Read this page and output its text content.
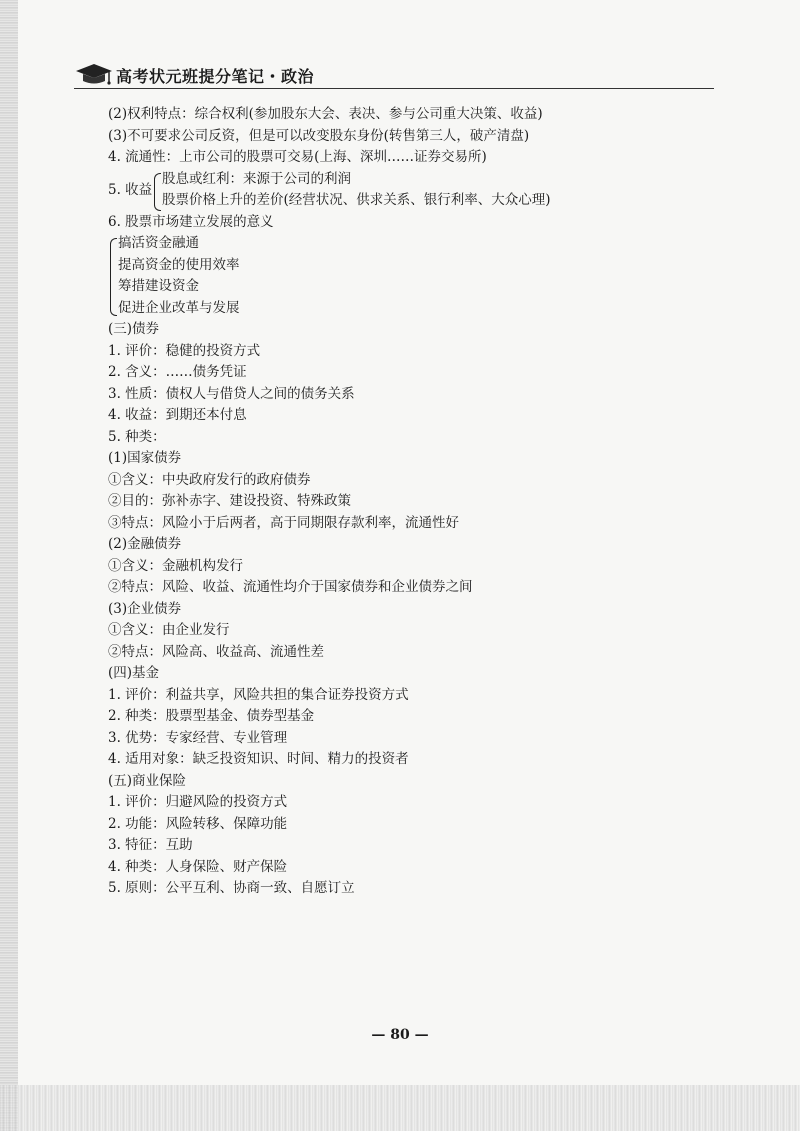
高考状元班提分笔记・政治
(2)权利特点：综合权利(参加股东大会、表决、参与公司重大决策、收益)
(3)不可要求公司反资，但是可以改变股东身份(转售第三人，破产清盘)
4. 流通性：上市公司的股票可交易(上海、深圳……证券交易所)
5. 收益
股息或红利：来源于公司的利润
股票价格上升的差价(经营状况、供求关系、银行利率、大众心理)
6. 股票市场建立发展的意义
搞活资金融通
提高资金的使用效率
筹措建设资金
促进企业改革与发展
(三)债券
1. 评价：稳健的投资方式
2. 含义：……债务凭证
3. 性质：债权人与借贷人之间的债务关系
4. 收益：到期还本付息
5. 种类：
(1)国家债券
①含义：中央政府发行的政府债券
②目的：弥补赤字、建设投资、特殊政策
③特点：风险小于后两者，高于同期限存款利率，流通性好
(2)金融债券
①含义：金融机构发行
②特点：风险、收益、流通性均介于国家债券和企业债券之间
(3)企业债券
①含义：由企业发行
②特点：风险高、收益高、流通性差
(四)基金
1. 评价：利益共享，风险共担的集合证券投资方式
2. 种类：股票型基金、债券型基金
3. 优势：专家经营、专业管理
4. 适用对象：缺乏投资知识、时间、精力的投资者
(五)商业保险
1. 评价：归避风险的投资方式
2. 功能：风险转移、保障功能
3. 特征：互助
4. 种类：人身保险、财产保险
5. 原则：公平互利、协商一致、自愿订立
— 80 —
